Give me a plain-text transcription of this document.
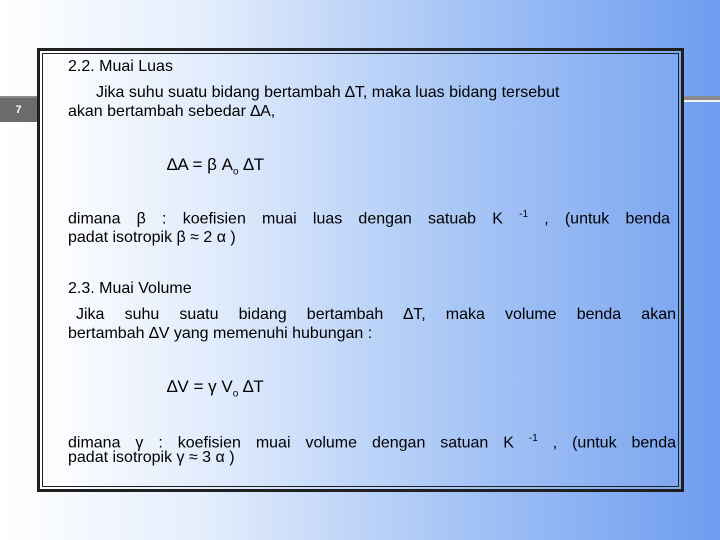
7
2.2. Muai Luas
Jika suhu suatu bidang bertambah ∆T, maka luas bidang tersebut
akan bertambah sebedar ∆A,
∆A = β $A_o$ ∆T
dimana β : koefisien muai luas dengan satuab K $^{-1}$ , (untuk benda
padat isotropik β ≈ 2 α )
2.3. Muai Volume
Jika suhu suatu bidang bertambah ∆T, maka volume benda akan
bertambah ∆V yang memenuhi hubungan :
∆V = γ $V_o$ ∆T
dimana γ : koefisien muai volume dengan satuan K $^{-1}$ , (untuk benda
padat isotropik γ ≈ 3 α )
